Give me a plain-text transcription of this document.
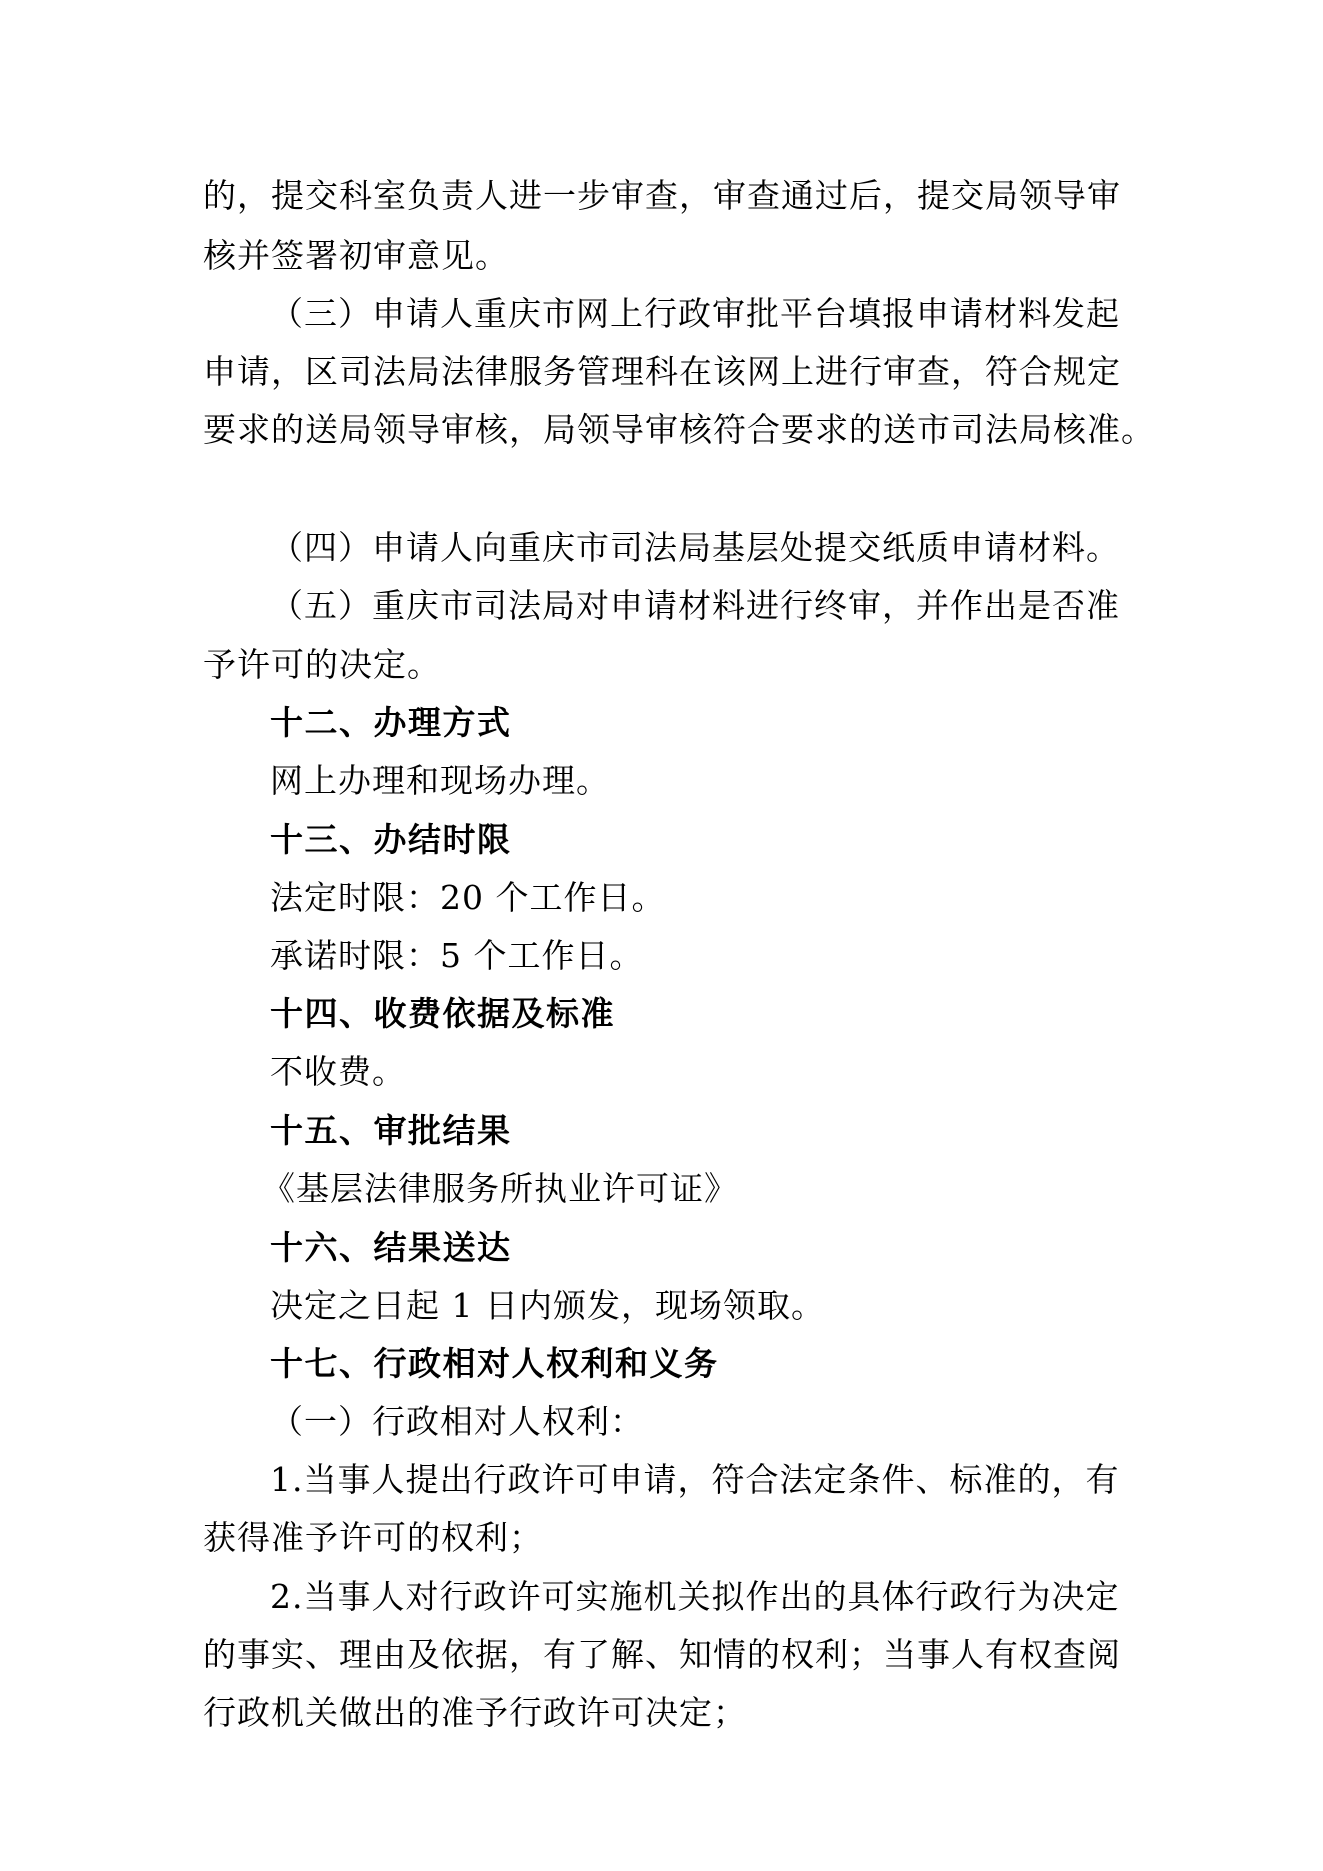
的，提交科室负责人进一步审查，审查通过后，提交局领导审

核并签署初审意见。

（三）申请人重庆市网上行政审批平台填报申请材料发起

申请，区司法局法律服务管理科在该网上进行审查，符合规定

要求的送局领导审核，局领导审核符合要求的送市司法局核准。

（四）申请人向重庆市司法局基层处提交纸质申请材料。

（五）重庆市司法局对申请材料进行终审，并作出是否准

予许可的决定。

十二、办理方式

网上办理和现场办理。

十三、办结时限

法定时限：20 个工作日。

承诺时限：5 个工作日。

十四、收费依据及标准

不收费。

十五、审批结果

《基层法律服务所执业许可证》

十六、结果送达

决定之日起 1 日内颁发，现场领取。

十七、行政相对人权利和义务

（一）行政相对人权利：

1.当事人提出行政许可申请，符合法定条件、标准的，有

获得准予许可的权利；

2.当事人对行政许可实施机关拟作出的具体行政行为决定

的事实、理由及依据，有了解、知情的权利；当事人有权查阅

行政机关做出的准予行政许可决定；
